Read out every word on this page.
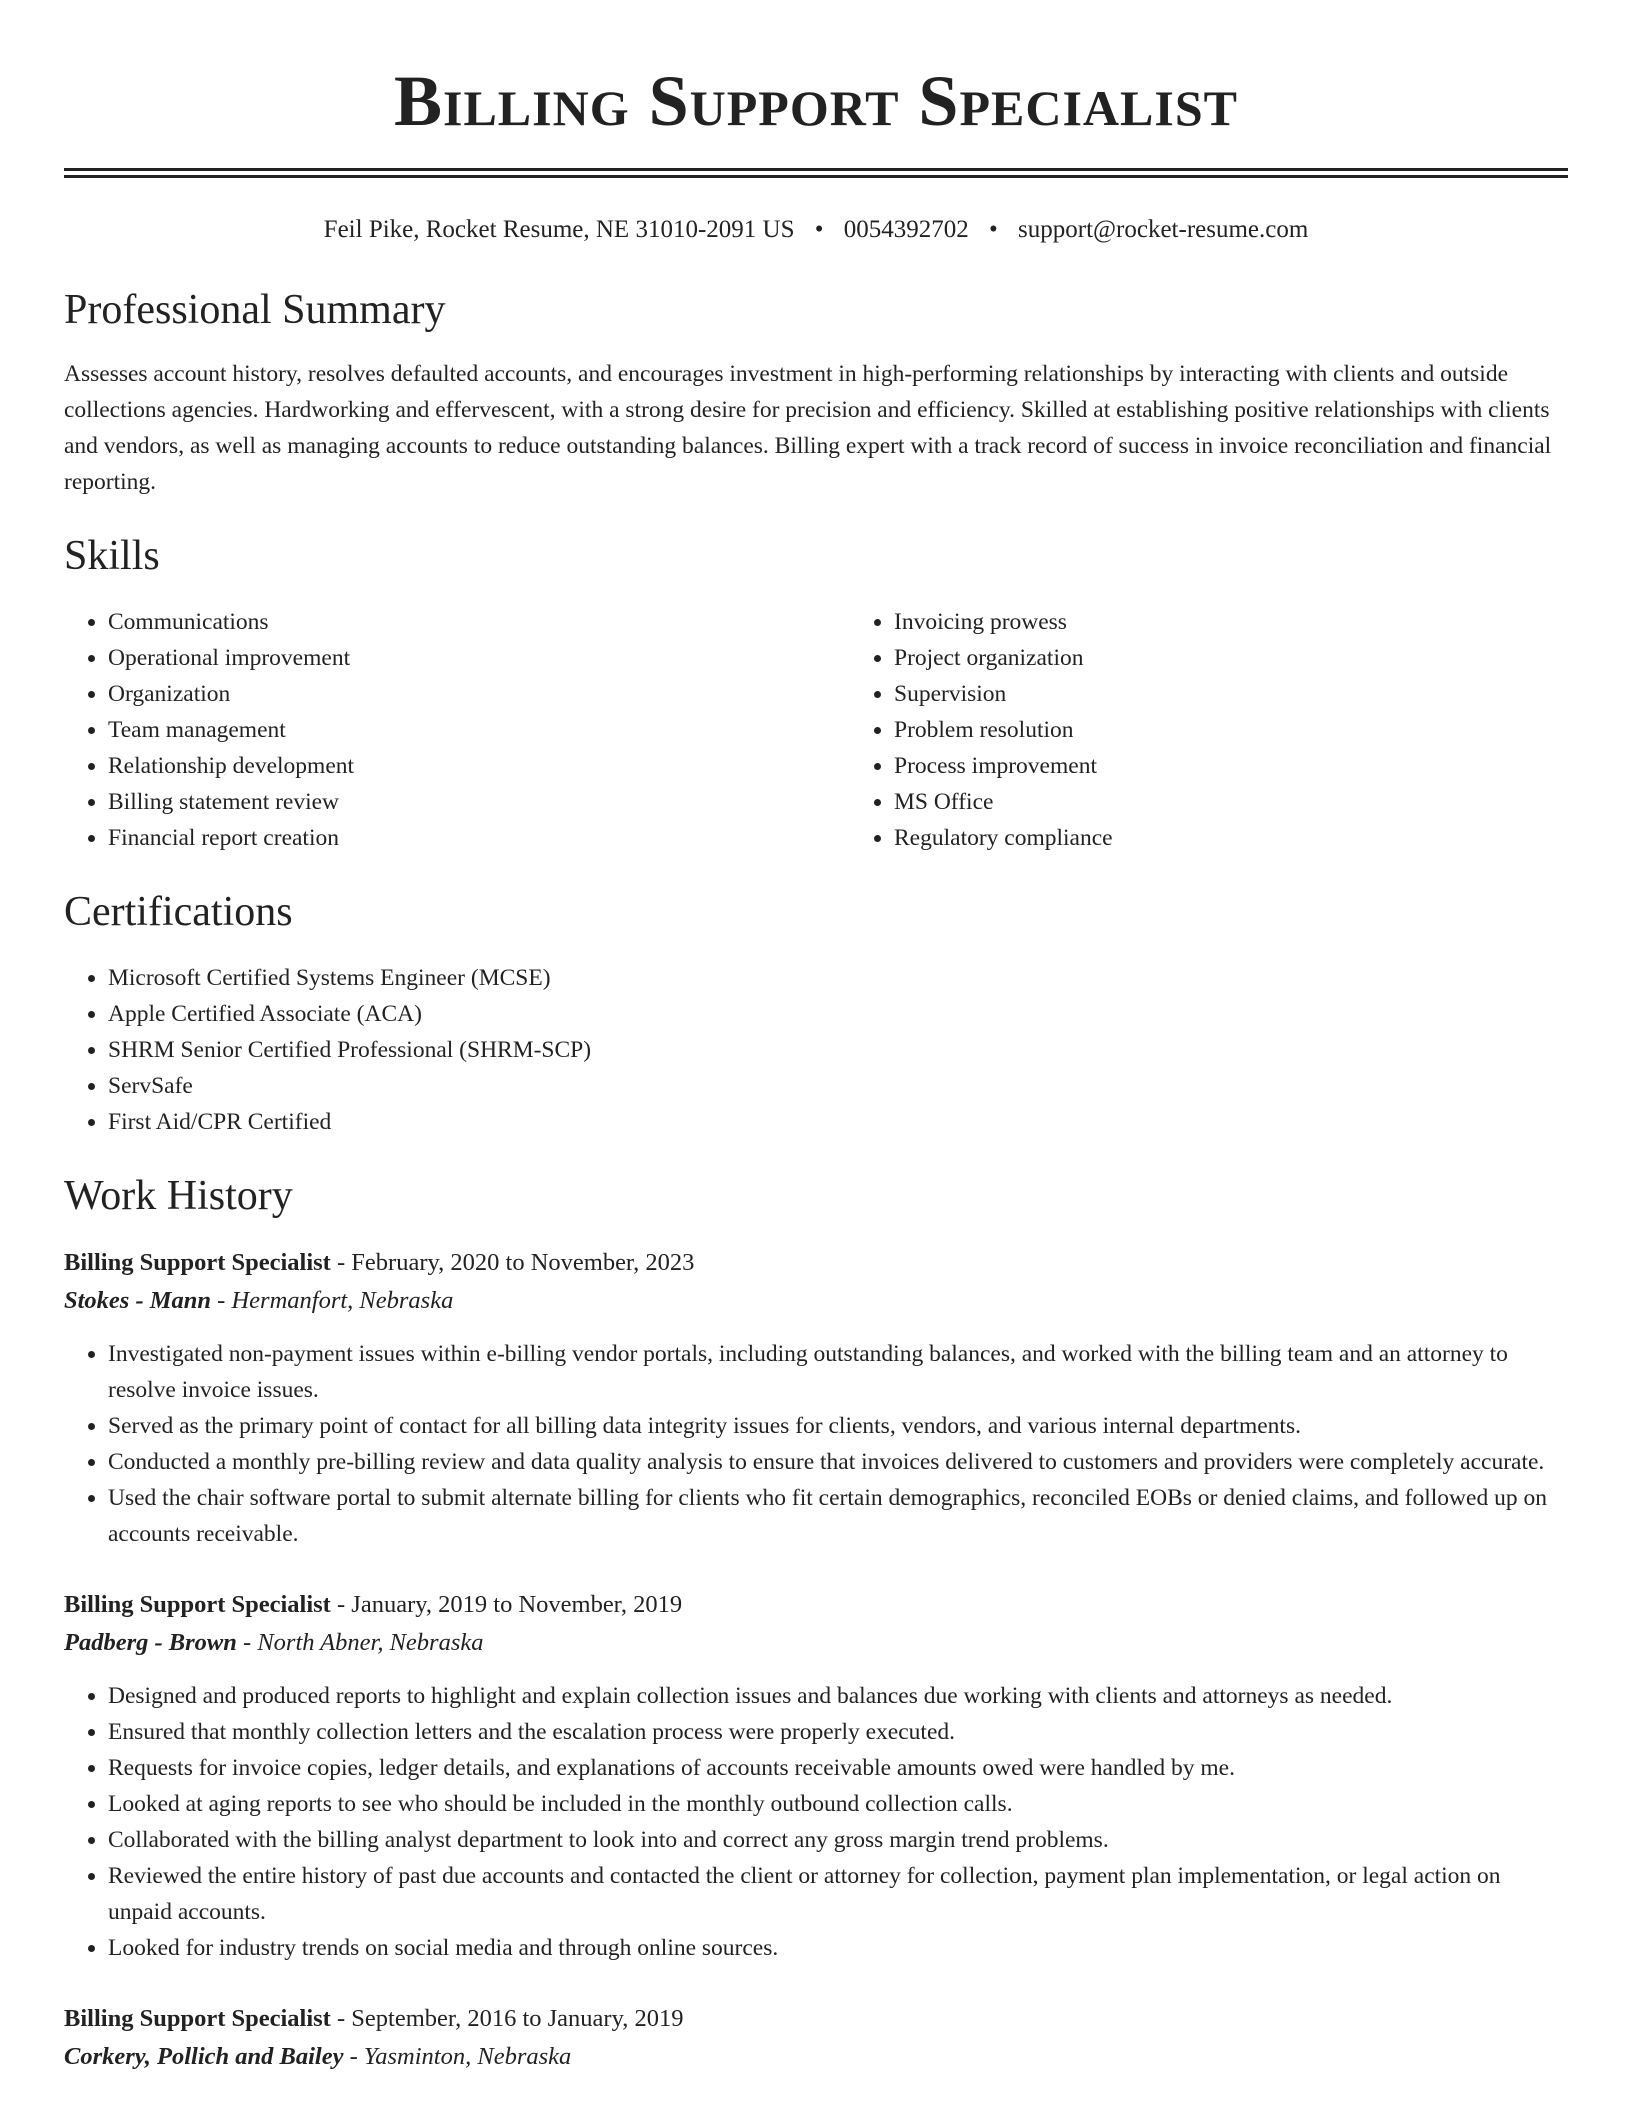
Billing Support Specialist
Feil Pike, Rocket Resume, NE 31010-2091 US • 0054392702 • support@rocket-resume.com
Professional Summary

Assesses account history, resolves defaulted accounts, and encourages investment in high-performing relationships by interacting with clients and outside collections agencies. Hardworking and effervescent, with a strong desire for precision and efficiency. Skilled at establishing positive relationships with clients and vendors, as well as managing accounts to reduce outstanding balances. Billing expert with a track record of success in invoice reconciliation and financial reporting.

Skills
• Communications
• Operational improvement
• Organization
• Team management
• Relationship development
• Billing statement review
• Financial report creation
• Invoicing prowess
• Project organization
• Supervision
• Problem resolution
• Process improvement
• MS Office
• Regulatory compliance
Certifications
• Microsoft Certified Systems Engineer (MCSE)
• Apple Certified Associate (ACA)
• SHRM Senior Certified Professional (SHRM-SCP)
• ServSafe
• First Aid/CPR Certified
Work History
Billing Support Specialist - February, 2020 to November, 2023
Stokes - Mann - Hermanfort, Nebraska
• Investigated non-payment issues within e-billing vendor portals, including outstanding balances, and worked with the billing team and an attorney to resolve invoice issues.
• Served as the primary point of contact for all billing data integrity issues for clients, vendors, and various internal departments.
• Conducted a monthly pre-billing review and data quality analysis to ensure that invoices delivered to customers and providers were completely accurate.
• Used the chair software portal to submit alternate billing for clients who fit certain demographics, reconciled EOBs or denied claims, and followed up on accounts receivable.
Billing Support Specialist - January, 2019 to November, 2019
Padberg - Brown - North Abner, Nebraska
• Designed and produced reports to highlight and explain collection issues and balances due working with clients and attorneys as needed.
• Ensured that monthly collection letters and the escalation process were properly executed.
• Requests for invoice copies, ledger details, and explanations of accounts receivable amounts owed were handled by me.
• Looked at aging reports to see who should be included in the monthly outbound collection calls.
• Collaborated with the billing analyst department to look into and correct any gross margin trend problems.
• Reviewed the entire history of past due accounts and contacted the client or attorney for collection, payment plan implementation, or legal action on unpaid accounts.
• Looked for industry trends on social media and through online sources.
Billing Support Specialist - September, 2016 to January, 2019
Corkery, Pollich and Bailey - Yasminton, Nebraska
